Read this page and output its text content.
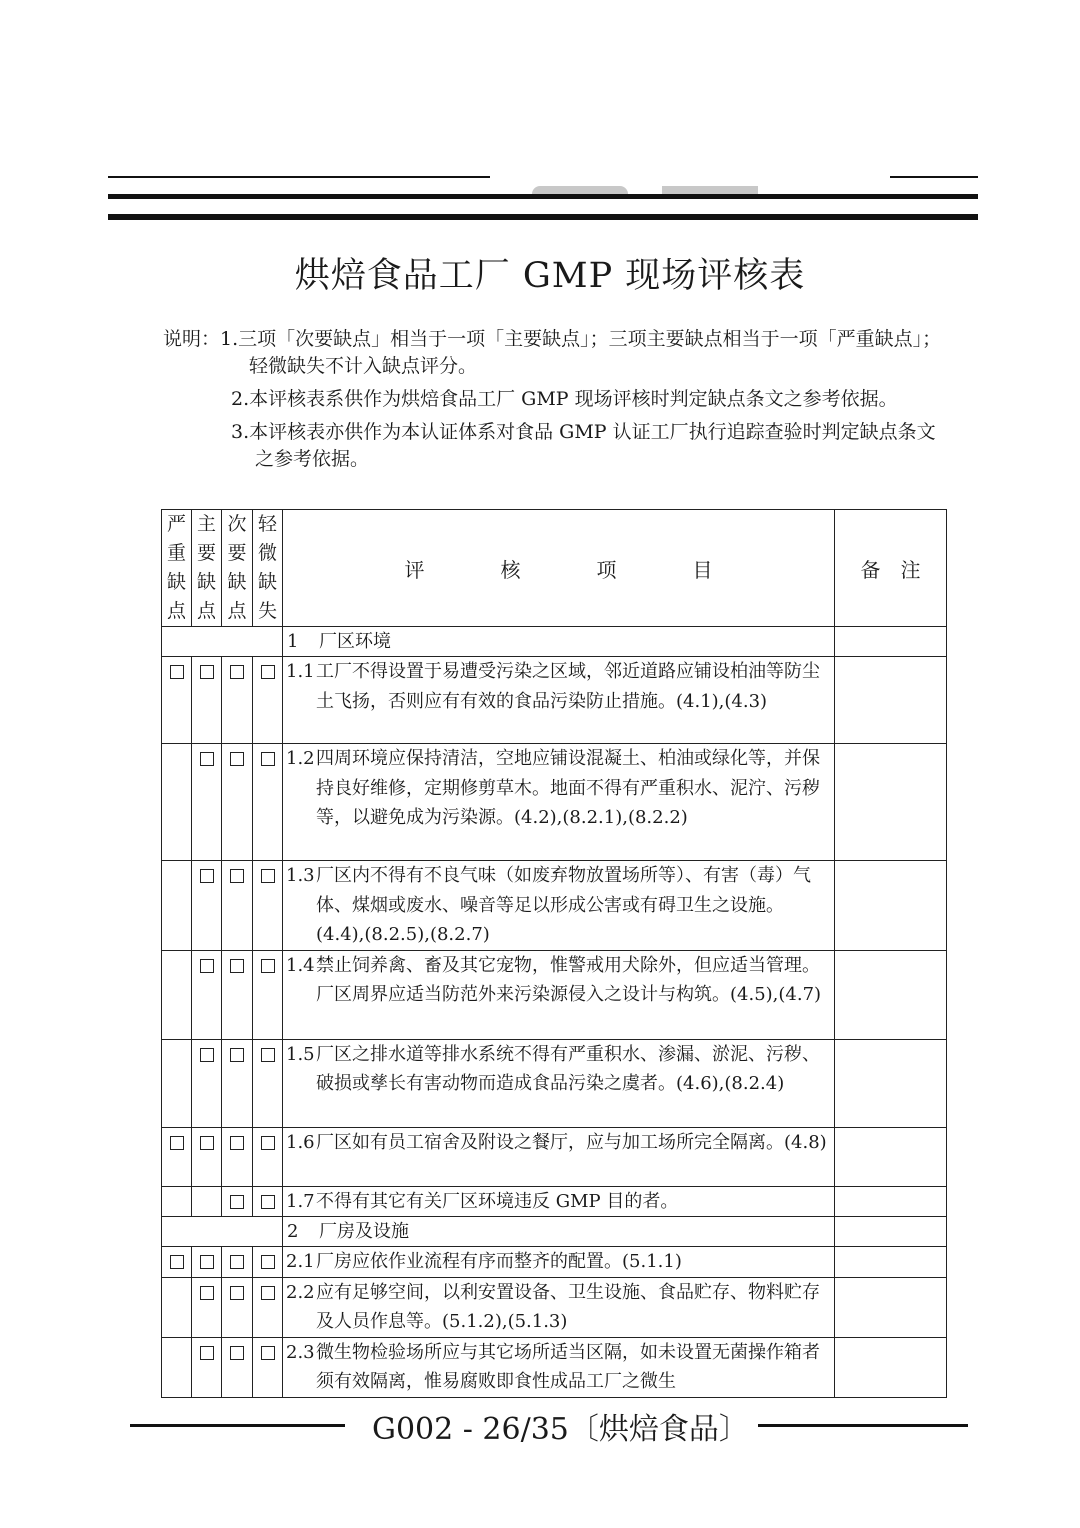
烘焙食品工厂 GMP 现场评核表
说明：1.三项「次要缺点」相当于一项「主要缺点」；三项主要缺点相当于一项「严重缺点」；轻微缺失不计入缺点评分。
2.本评核表系供作为烘焙食品工厂 GMP 现场评核时判定缺点条文之参考依据。
3.本评核表亦供作为本认证体系对食品 GMP 认证工厂执行追踪查验时判定缺点条文之参考依据。
严重缺点	主要缺点	次要缺点	轻微缺失	评 核 项 目	备 注
				1 厂区环境	

				1.1 工厂不得设置于易遭受污染之区域，邻近道路应铺设柏油等防尘土飞扬，否则应有有效的食品污染防止措施。(4.1),(4.3)	

				1.2 四周环境应保持清洁，空地应铺设混凝土、柏油或绿化等，并保持良好维修，定期修剪草木。地面不得有严重积水、泥泞、污秽等，以避免成为污染源。(4.2),(8.2.1),(8.2.2)	

				1.3 厂区内不得有不良气味（如废弃物放置场所等）、有害（毒）气体、煤烟或废水、噪音等足以形成公害或有碍卫生之设施。(4.4),(8.2.5),(8.2.7)	

				1.4 禁止饲养禽、畜及其它宠物，惟警戒用犬除外，但应适当管理。厂区周界应适当防范外来污染源侵入之设计与构筑。(4.5),(4.7)	

				1.5 厂区之排水道等排水系统不得有严重积水、渗漏、淤泥、污秽、破损或孳长有害动物而造成食品污染之虞者。(4.6),(8.2.4)	

				1.6 厂区如有员工宿舍及附设之餐厅，应与加工场所完全隔离。(4.8)	

				1.7 不得有其它有关厂区环境违反 GMP 目的者。	

				2 厂房及设施	

				2.1 厂房应依作业流程有序而整齐的配置。(5.1.1)	

				2.2 应有足够空间，以利安置设备、卫生设施、食品贮存、物料贮存及人员作息等。(5.1.2),(5.1.3)	

				2.3 微生物检验场所应与其它场所适当区隔，如未设置无菌操作箱者须有效隔离，惟易腐败即食性成品工厂之微生	

G002 - 26/35〔烘焙食品〕
